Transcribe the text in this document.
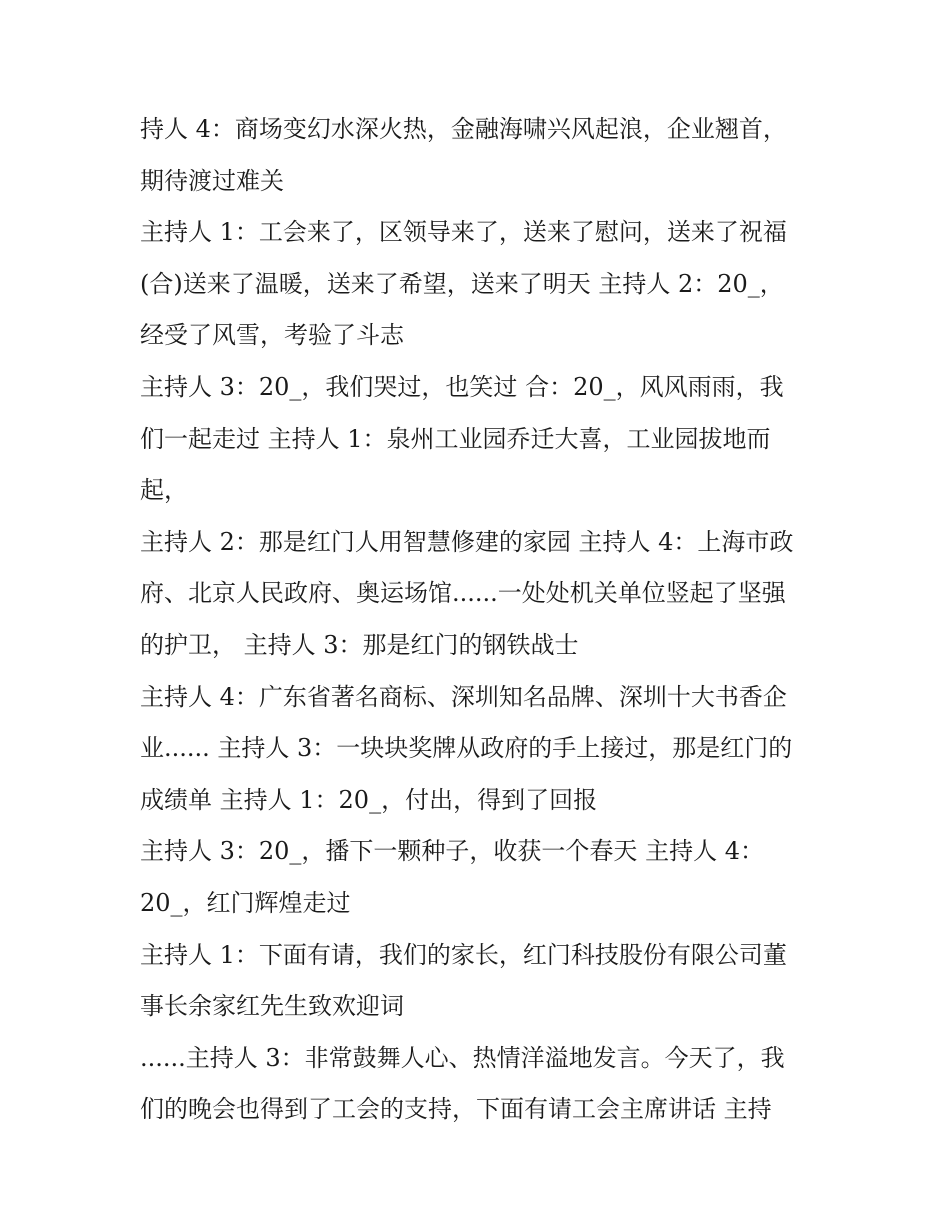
持人 4：商场变幻水深火热，金融海啸兴风起浪，企业翘首，
期待渡过难关

主持人 1：工会来了，区领导来了，送来了慰问，送来了祝福
(合)送来了温暖，送来了希望，送来了明天 主持人 2：20_，
经受了风雪，考验了斗志

主持人 3：20_，我们哭过，也笑过 合：20_，风风雨雨，我
们一起走过 主持人 1：泉州工业园乔迁大喜，工业园拔地而
起，

主持人 2：那是红门人用智慧修建的家园 主持人 4：上海市政
府、北京人民政府、奥运场馆......一处处机关单位竖起了坚强
的护卫， 主持人 3：那是红门的钢铁战士

主持人 4：广东省著名商标、深圳知名品牌、深圳十大书香企
业...... 主持人 3：一块块奖牌从政府的手上接过，那是红门的
成绩单 主持人 1：20_，付出，得到了回报

主持人 3：20_，播下一颗种子，收获一个春天 主持人 4：
20_，红门辉煌走过

主持人 1：下面有请，我们的家长，红门科技股份有限公司董
事长余家红先生致欢迎词

......主持人 3：非常鼓舞人心、热情洋溢地发言。今天了，我
们的晚会也得到了工会的支持，下面有请工会主席讲话 主持
